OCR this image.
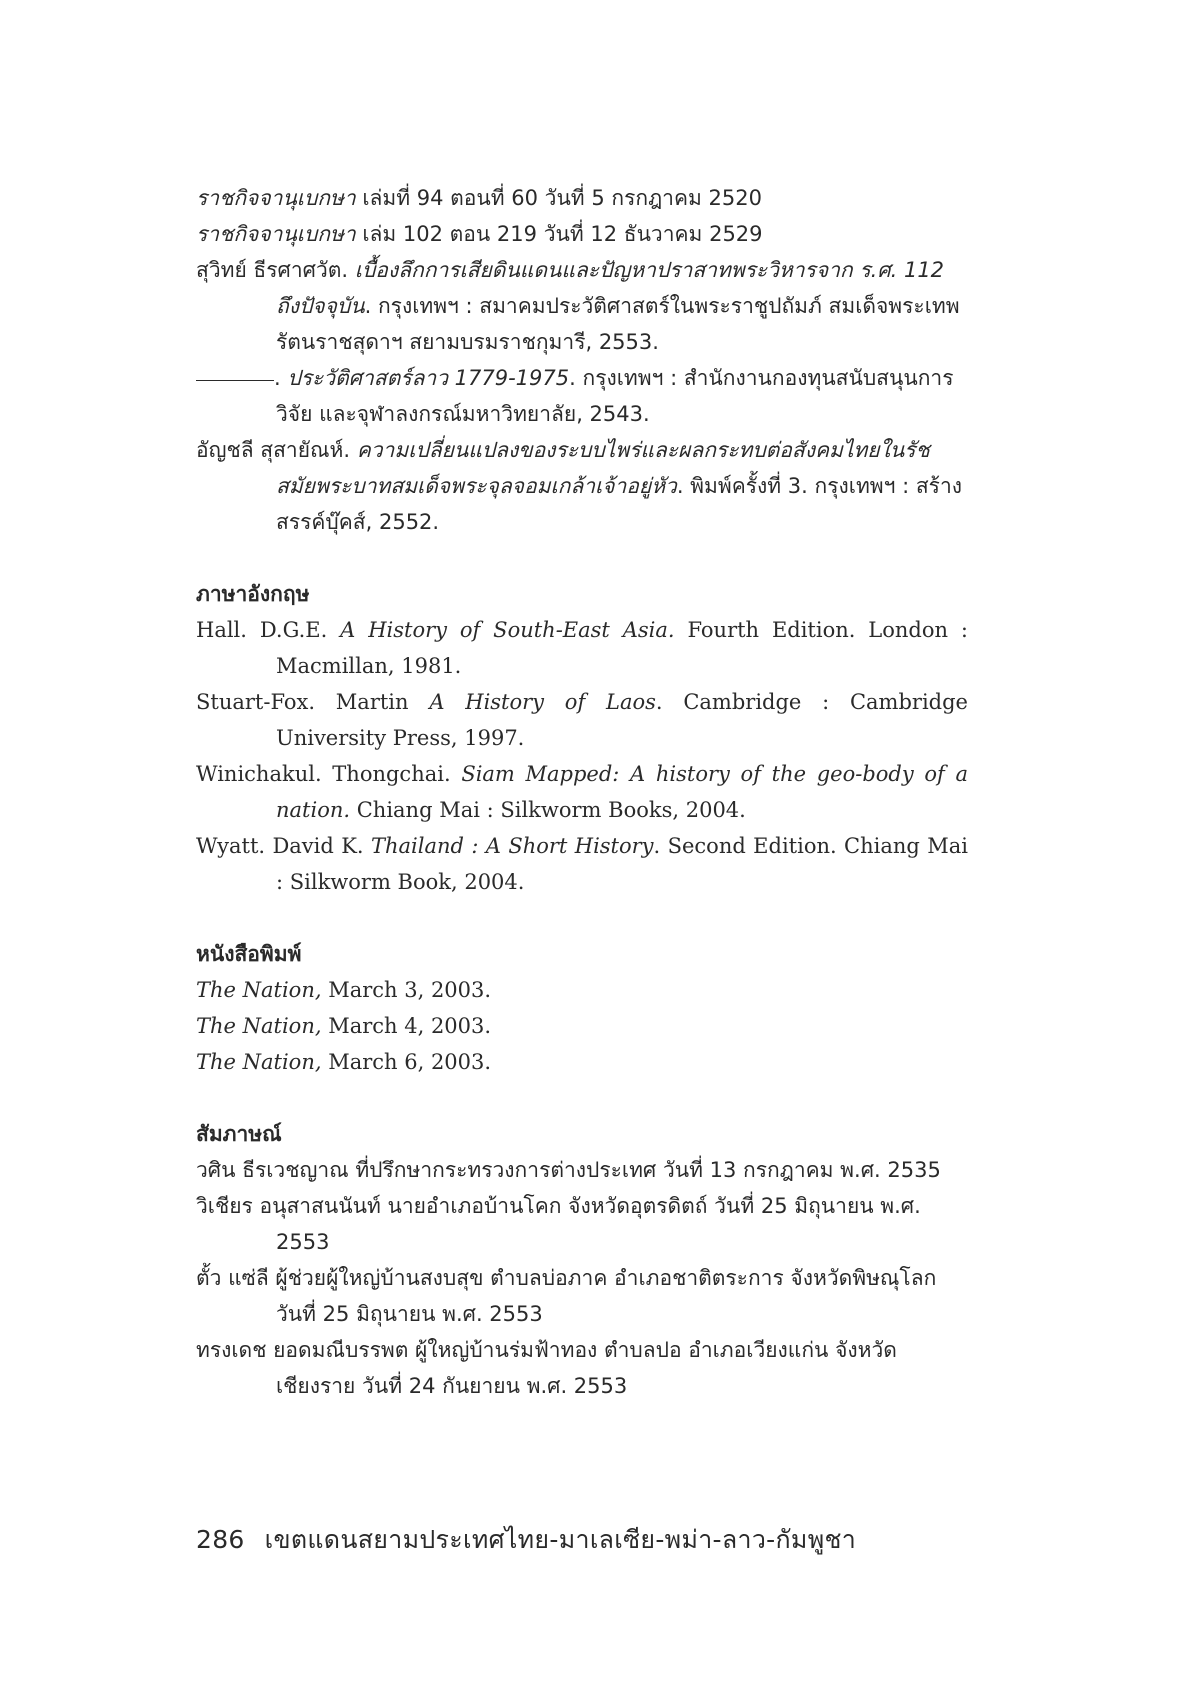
ราชกิจจานุเบกษา เล่มที่ 94 ตอนที่ 60 วันที่ 5 กรกฎาคม 2520

ราชกิจจานุเบกษา เล่ม 102 ตอน 219 วันที่ 12 ธันวาคม 2529

สุวิทย์ ธีรศาศวัต. เบื้องลึกการเสียดินแดนและปัญหาปราสาทพระวิหารจาก ร.ศ. 112 ถึงปัจจุบัน. กรุงเทพฯ : สมาคมประวัติศาสตร์ในพระราชูปถัมภ์ สมเด็จพระเทพรัตนราชสุดาฯ สยามบรมราชกุมารี, 2553.

. ประวัติศาสตร์ลาว 1779-1975. กรุงเทพฯ : สำนักงานกองทุนสนับสนุนการวิจัย และจุฬาลงกรณ์มหาวิทยาลัย, 2543.

อัญชลี สุสายัณห์. ความเปลี่ยนแปลงของระบบไพร่และผลกระทบต่อสังคมไทยในรัชสมัยพระบาทสมเด็จพระจุลจอมเกล้าเจ้าอยู่หัว. พิมพ์ครั้งที่ 3. กรุงเทพฯ : สร้างสรรค์บุ๊คส์, 2552.

ภาษาอังกฤษ

Hall. D.G.E. A History of South-East Asia. Fourth Edition. London : Macmillan, 1981.

Stuart-Fox. Martin A History of Laos. Cambridge : Cambridge University Press, 1997.

Winichakul. Thongchai. Siam Mapped: A history of the geo-body of a nation. Chiang Mai : Silkworm Books, 2004.

Wyatt. David K. Thailand : A Short History. Second Edition. Chiang Mai : Silkworm Book, 2004.

หนังสือพิมพ์

The Nation, March 3, 2003.

The Nation, March 4, 2003.

The Nation, March 6, 2003.

สัมภาษณ์

วศิน ธีรเวชญาณ ที่ปรึกษากระทรวงการต่างประเทศ วันที่ 13 กรกฎาคม พ.ศ. 2535

วิเชียร อนุสาสนนันท์ นายอำเภอบ้านโคก จังหวัดอุตรดิตถ์ วันที่ 25 มิถุนายน พ.ศ. 2553

ตั้ว แซ่ลี ผู้ช่วยผู้ใหญ่บ้านสงบสุข ตำบลบ่อภาค อำเภอชาติตระการ จังหวัดพิษณุโลก วันที่ 25 มิถุนายน พ.ศ. 2553

ทรงเดช ยอดมณีบรรพต ผู้ใหญ่บ้านร่มฟ้าทอง ตำบลปอ อำเภอเวียงแก่น จังหวัดเชียงราย วันที่ 24 กันยายน พ.ศ. 2553

286 เขตแดนสยามประเทศไทย-มาเลเซีย-พม่า-ลาว-กัมพูชา
